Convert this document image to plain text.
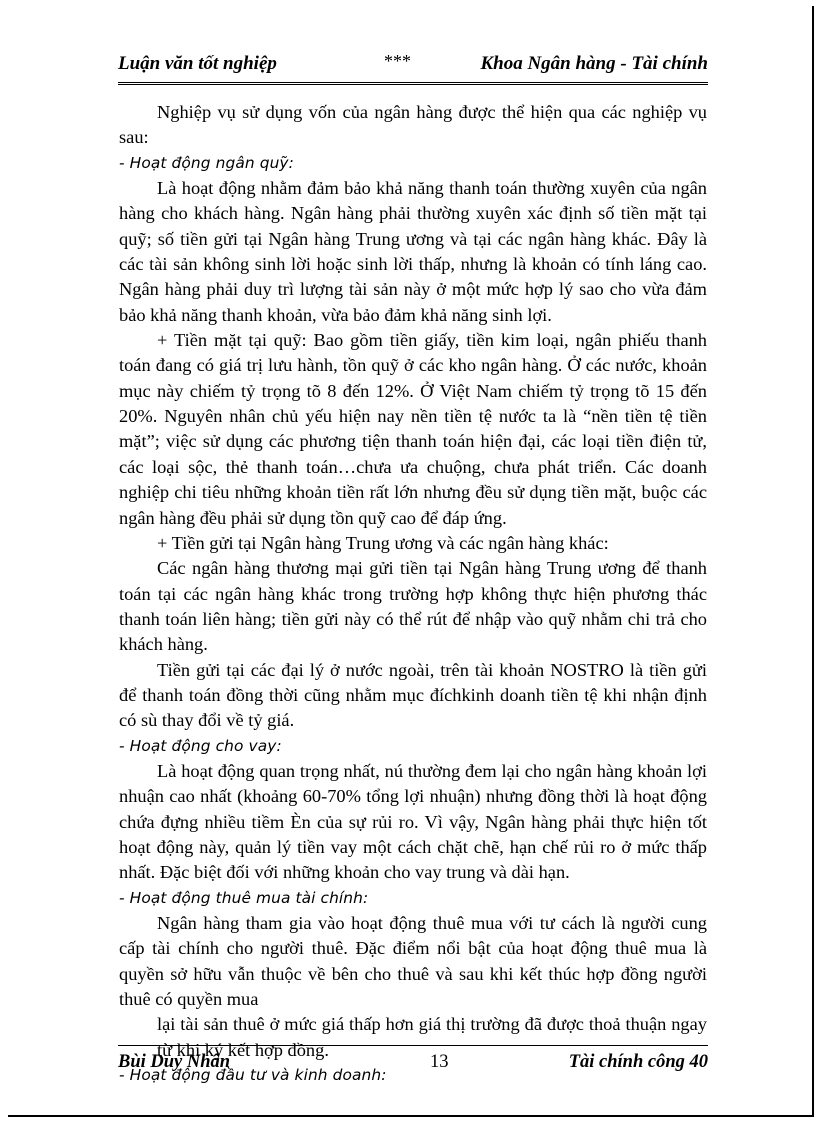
Luận văn tốt nghiệp	***	Khoa Ngân hàng - Tài chính

Nghiệp vụ sử dụng vốn của ngân hàng được thể hiện qua các nghiệp vụ sau:

- Hoạt động ngân quỹ:

Là hoạt động nhằm đảm bảo khả năng thanh toán thường xuyên của ngân hàng cho khách hàng. Ngân hàng phải thường xuyên xác định số tiền mặt tại quỹ; số tiền gửi tại Ngân hàng Trung ương và tại các ngân hàng khác. Đây là các tài sản không sinh lời hoặc sinh lời thấp, nhưng là khoản có tính láng cao. Ngân hàng phải duy trì lượng tài sản này ở một mức hợp lý sao cho vừa đảm bảo khả năng thanh khoản, vừa bảo đảm khả năng sinh lợi.

+ Tiền mặt tại quỹ: Bao gồm tiền giấy, tiền kim loại, ngân phiếu thanh toán đang có giá trị lưu hành, tồn quỹ ở các kho ngân hàng. Ở các nước, khoản mục này chiếm tỷ trọng tõ 8 đến 12%. Ở Việt Nam chiếm tỷ trọng tõ 15 đến 20%. Nguyên nhân chủ yếu hiện nay nền tiền tệ nước ta là “nền tiền tệ tiền mặt”; việc sử dụng các phương tiện thanh toán hiện đại, các loại tiền điện tử, các loại sộc, thẻ thanh toán…chưa ưa chuộng, chưa phát triển. Các doanh nghiệp chi tiêu những khoản tiền rất lớn nhưng đều sử dụng tiền mặt, buộc các ngân hàng đều phải sử dụng tồn quỹ cao để đáp ứng.

+ Tiền gửi tại Ngân hàng Trung ương và các ngân hàng khác:

Các ngân hàng thương mại gửi tiền tại Ngân hàng Trung ương để thanh toán tại các ngân hàng khác trong trường hợp không thực hiện phương thác thanh toán liên hàng; tiền gửi này có thể rút để nhập vào quỹ nhằm chi trả cho khách hàng.

Tiền gửi tại các đại lý ở nước ngoài, trên tài khoản NOSTRO là tiền gửi để thanh toán đồng thời cũng nhằm mục đíchkinh doanh tiền tệ khi nhận định có sù thay đổi về tỷ giá.

- Hoạt động cho vay:

Là hoạt động quan trọng nhất, nú thường đem lại cho ngân hàng khoản lợi nhuận cao nhất (khoảng 60-70% tổng lợi nhuận) nhưng đồng thời là hoạt động chứa đựng nhiều tiềm Èn của sự rủi ro. Vì vậy, Ngân hàng phải thực hiện tốt hoạt động này, quản lý tiền vay một cách chặt chẽ, hạn chế rủi ro ở mức thấp nhất. Đặc biệt đối với những khoản cho vay trung và dài hạn.

- Hoạt động thuê mua tài chính:

Ngân hàng tham gia vào hoạt động thuê mua với tư cách là người cung cấp tài chính cho người thuê. Đặc điểm nổi bật của hoạt động thuê mua là quyền sở hữu vẫn thuộc về bên cho thuê và sau khi kết thúc hợp đồng người thuê có quyền mua

lại tài sản thuê ở mức giá thấp hơn giá thị trường đã được thoả thuận ngay từ khi ký kết hợp đồng.

- Hoạt động đầu tư và kinh doanh:

Bùi Duy Nhân	13	Tài chính công 40
